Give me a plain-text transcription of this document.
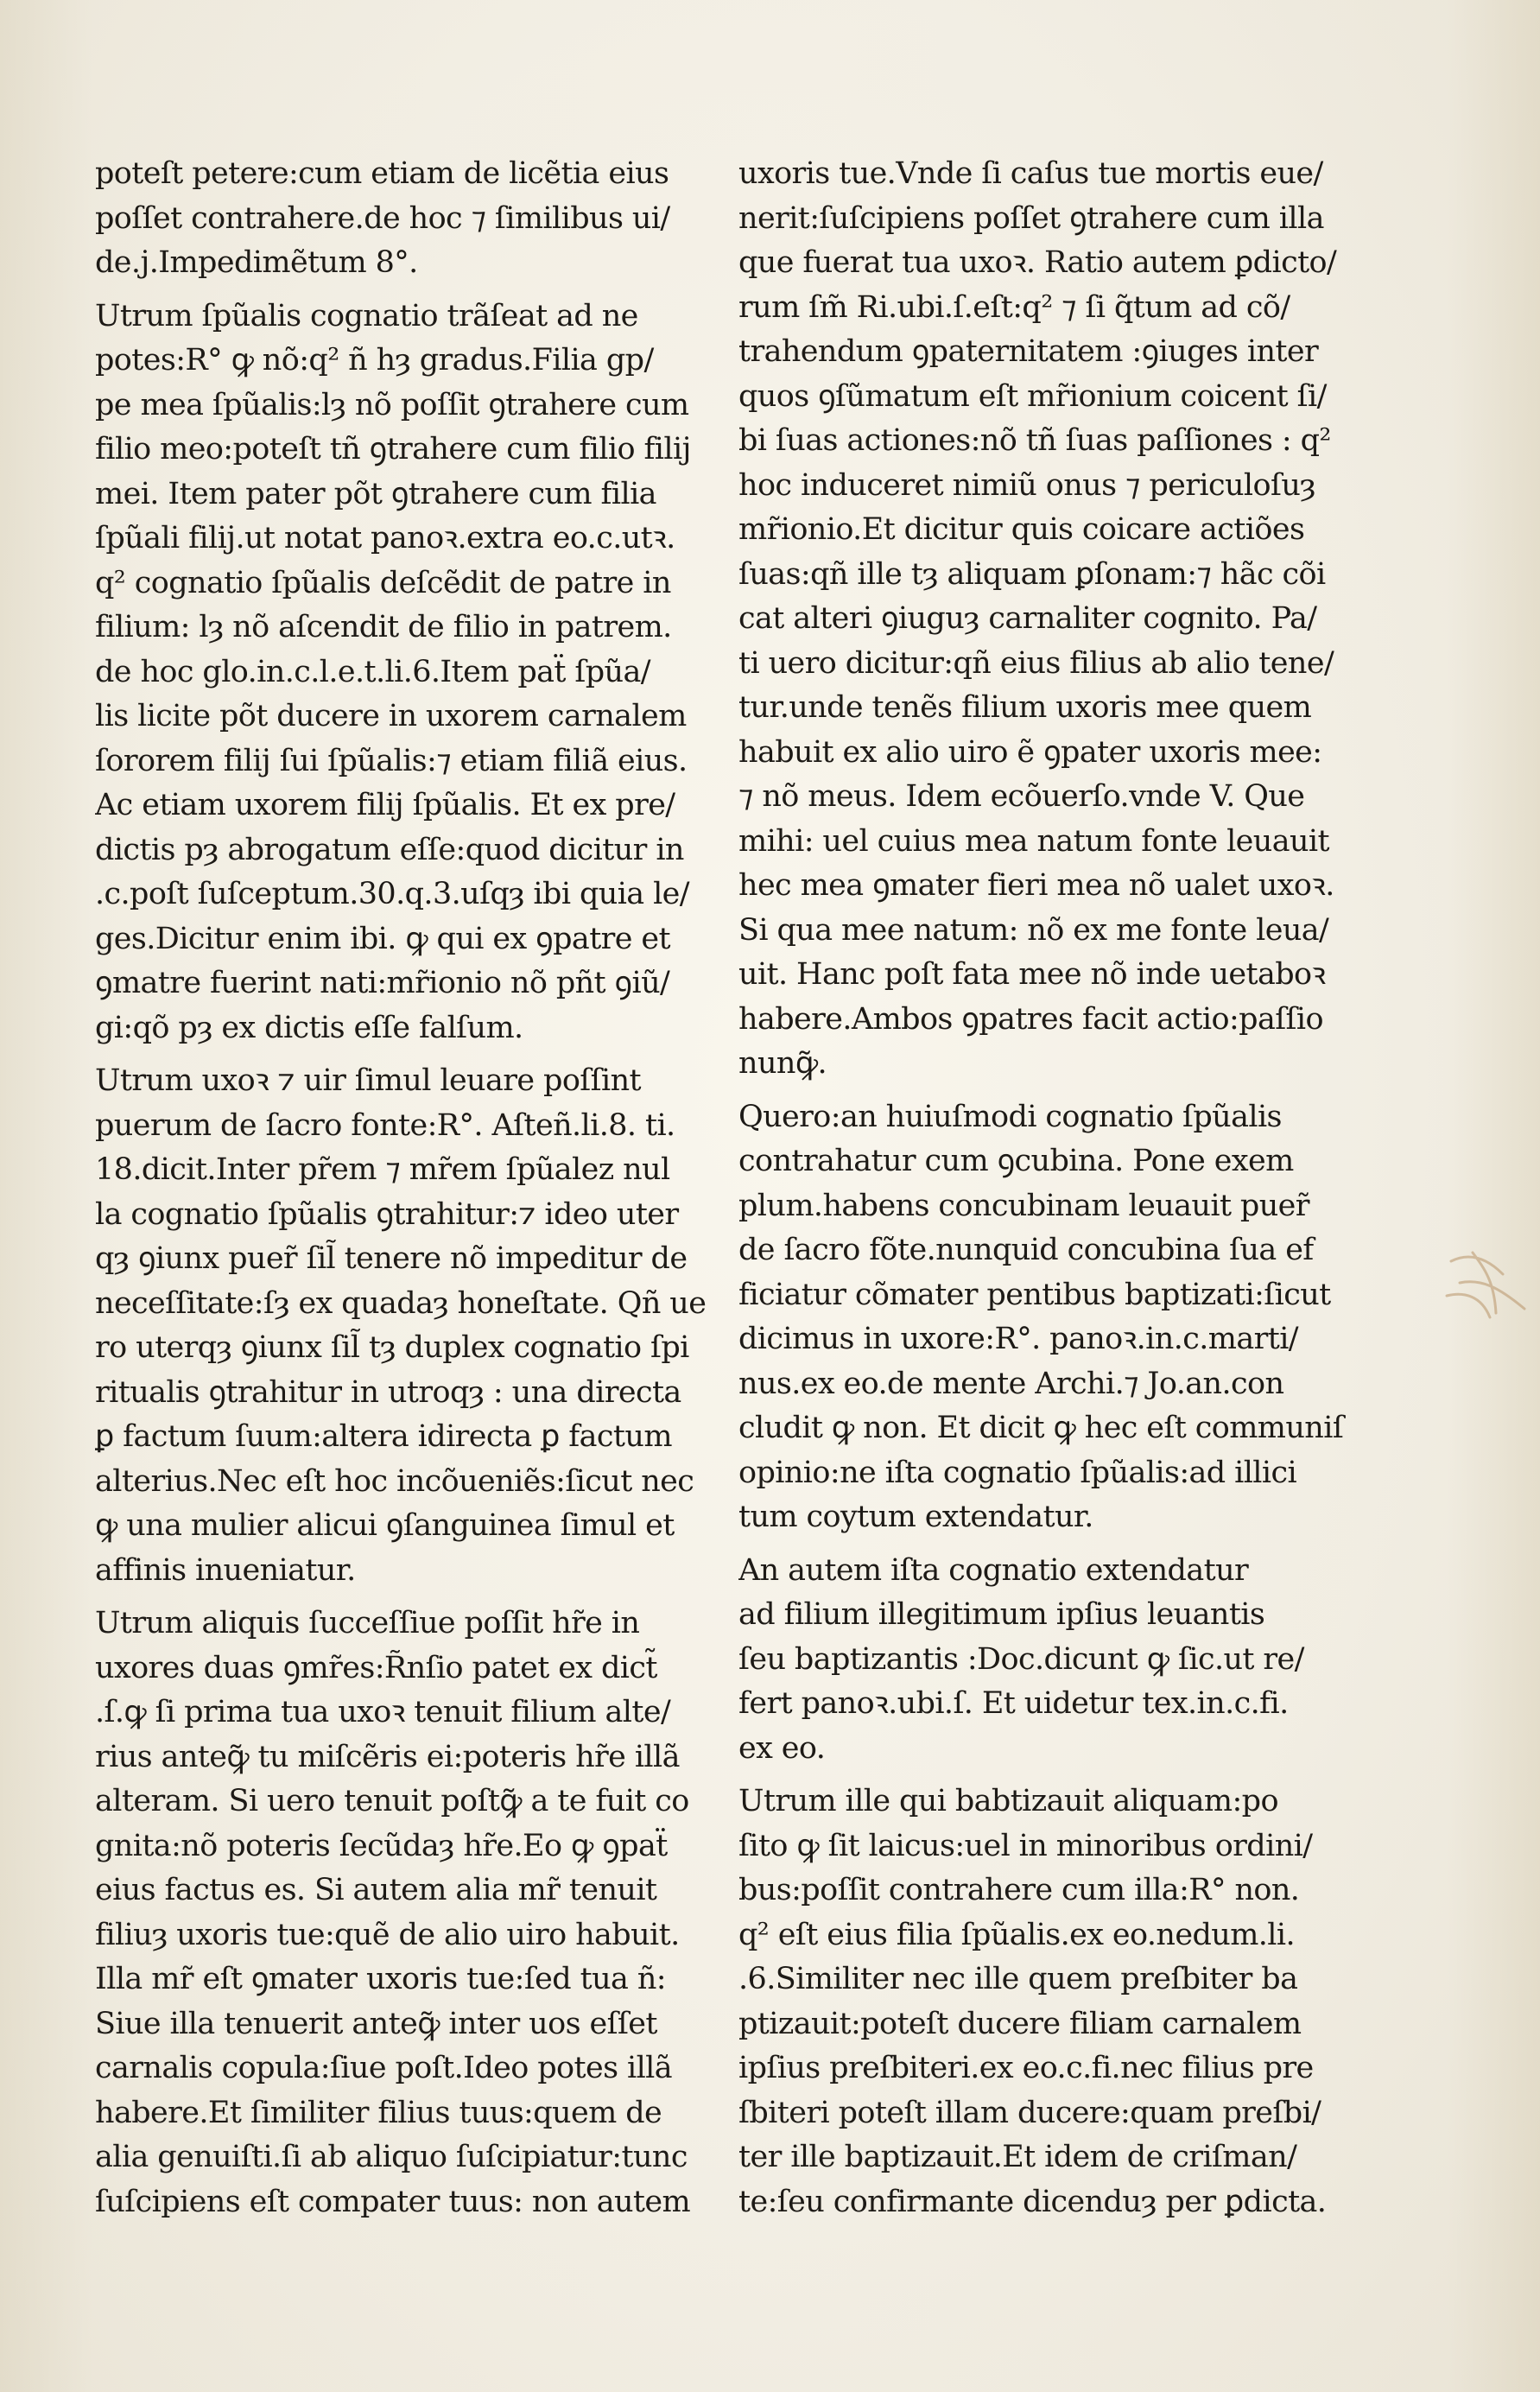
poteſt petere:cum etiam de licẽtia eius
poſſet contrahere.de hoc ⁊ ſimilibus ui/
de.j.Impedimẽtum 8°.
Utrum ſpũalis cognatio trãſeat ad ne
potes:R° ꝙ nõ:q² ñ hȝ gradus.Filia gp/
pe mea ſpũalis:lȝ nõ poſſit ꝯtrahere cum
filio meo:poteſt tñ ꝯtrahere cum filio filij
mei. Item pater põt ꝯtrahere cum filia
ſpũali filij.ut notat panoꝛ.extra eo.c.utꝛ.
q² cognatio ſpũalis deſcẽdit de patre in
filium: lȝ nõ aſcendit de filio in patrem.
de hoc glo.in.c.l.e.t.li.6.Item paẗ ſpũa/
lis licite põt ducere in uxorem carnalem
ſororem filij ſui ſpũalis:⁊ etiam filiã eius.
Ac etiam uxorem filij ſpũalis. Et ex pre/
dictis pȝ abrogatum eſſe:quod dicitur in
.c.poſt ſuſceptum.30.q.3.uſqȝ ibi quia le/
ges.Dicitur enim ibi. ꝙ qui ex ꝯpatre et
ꝯmatre fuerint nati:mr̃ionio nõ pñt ꝯiũ/
gi:qõ pȝ ex dictis eſſe falſum.
Utrum uxoꝛ ⁊ uir ſimul leuare poſſint
puerum de ſacro fonte:R°. Aſteñ.li.8. ti.
18.dicit.Inter pr̃em ⁊ mr̃em ſpũalez nul
la cognatio ſpũalis ꝯtrahitur:⁊ ideo uter
qȝ ꝯiunx puer̃ ſil̃ tenere nõ impeditur de
neceſſitate:ſȝ ex quadaȝ honeſtate. Qñ ue
ro uterqȝ ꝯiunx ſil̃ tȝ duplex cognatio ſpi
ritualis ꝯtrahitur in utroqȝ : una directa
ꝑ factum ſuum:altera idirecta ꝑ factum
alterius.Nec eſt hoc incõueniẽs:ſicut nec
ꝙ una mulier alicui ꝯſanguinea ſimul et
affinis inueniatur.
Utrum aliquis ſucceſſiue poſſit hr̃e in
uxores duas ꝯmr̃es:R̃nſio patet ex dict̃
.ſ.ꝙ ſi prima tua uxoꝛ tenuit filium alte/
rius anteꝙ̃ tu miſcẽris ei:poteris hr̃e illã
alteram. Si uero tenuit poſtꝙ̃ a te fuit co
gnita:nõ poteris ſecũdaȝ hr̃e.Eo ꝙ ꝯpaẗ
eius factus es. Si autem alia mr̃ tenuit
filiuȝ uxoris tue:quẽ de alio uiro habuit.
Illa mr̃ eſt ꝯmater uxoris tue:ſed tua ñ:
Siue illa tenuerit anteꝙ̃ inter uos eſſet
carnalis copula:ſiue poſt.Ideo potes illã
habere.Et ſimiliter filius tuus:quem de
alia genuiſti.ſi ab aliquo ſuſcipiatur:tunc
ſuſcipiens eſt compater tuus: non autem
uxoris tue.Vnde ſi caſus tue mortis eue/
nerit:ſuſcipiens poſſet ꝯtrahere cum illa
que fuerat tua uxoꝛ. Ratio autem ꝑdicto/
rum ſm̃ Ri.ubi.ſ.eſt:q² ⁊ ſi q̃tum ad cõ/
trahendum ꝯpaternitatem :ꝯiuges inter
quos ꝯſũmatum eſt mr̃ionium coicent ſi/
bi ſuas actiones:nõ tñ ſuas paſſiones : q²
hoc induceret nimiũ onus ⁊ periculoſuȝ
mr̃ionio.Et dicitur quis coicare actiões
ſuas:qñ ille tȝ aliquam ꝑſonam:⁊ hãc cõi
cat alteri ꝯiuguȝ carnaliter cognito. Pa/
ti uero dicitur:qñ eius filius ab alio tene/
tur.unde tenẽs filium uxoris mee quem
habuit ex alio uiro ẽ ꝯpater uxoris mee:
⁊ nõ meus. Idem ecõuerſo.vnde V. Que
mihi: uel cuius mea natum fonte leuauit
hec mea ꝯmater fieri mea nõ ualet uxoꝛ.
Si qua mee natum: nõ ex me fonte leua/
uit. Hanc poſt fata mee nõ inde uetaboꝛ
habere.Ambos ꝯpatres facit actio:paſſio
nunꝙ̃.
Quero:an huiuſmodi cognatio ſpũalis
contrahatur cum ꝯcubina. Pone exem
plum.habens concubinam leuauit puer̃
de ſacro fõte.nunquid concubina ſua ef
ficiatur cõmater pentibus baptizati:ſicut
dicimus in uxore:R°. panoꝛ.in.c.marti/
nus.ex eo.de mente Archi.⁊ Jo.an.con
cludit ꝙ non. Et dicit ꝙ hec eſt communiſ
opinio:ne iſta cognatio ſpũalis:ad illici
tum coytum extendatur.
An autem iſta cognatio extendatur
ad filium illegitimum ipſius leuantis
ſeu baptizantis :Doc.dicunt ꝙ ſic.ut re/
fert panoꝛ.ubi.ſ. Et uidetur tex.in.c.fi.
ex eo.
Utrum ille qui babtizauit aliquam:po
ſito ꝙ ſit laicus:uel in minoribus ordini/
bus:poſſit contrahere cum illa:R° non.
q² eſt eius filia ſpũalis.ex eo.nedum.li.
.6.Similiter nec ille quem preſbiter ba
ptizauit:poteſt ducere filiam carnalem
ipſius preſbiteri.ex eo.c.fi.nec filius pre
ſbiteri poteſt illam ducere:quam preſbi/
ter ille baptizauit.Et idem de criſman/
te:ſeu confirmante dicenduȝ per ꝑdicta.
